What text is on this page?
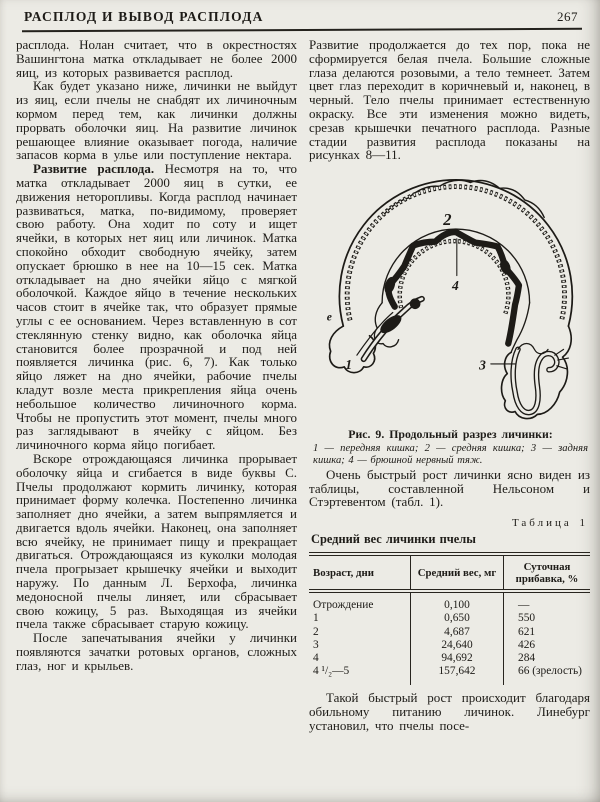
РАСПЛОД И ВЫВОД РАСПЛОДА	267

расплода. Нолан считает, что в окрестностях Вашингтона матка откладывает не более 2000 яиц, из которых развивается расплод.

Как будет указано ниже, личинки не выйдут из яиц, если пчелы не снабдят их личиночным кормом перед тем, как личинки должны прорвать оболочки яиц. На развитие личинок решающее влияние оказывает погода, наличие запасов корма в улье или поступление нектара.

Развитие расплода. Несмотря на то, что матка откладывает 2000 яиц в сутки, ее движения неторопливы. Когда расплод начинает развиваться, матка, по-видимому, проверяет свою работу. Она ходит по соту и ищет ячейки, в которых нет яиц или личинок. Матка спокойно обходит свободную ячейку, затем опускает брюшко в нее на 10—15 сек. Матка откладывает на дно ячейки яйцо с мягкой оболочкой. Каждое яйцо в течение нескольких часов стоит в ячейке так, что образует прямые углы с ее основанием. Через вставленную в сот стеклянную стенку видно, как оболочка яйца становится более прозрачной и под ней появляется личинка (рис. 6, 7). Как только яйцо ляжет на дно ячейки, рабочие пчелы кладут возле места прикрепления яйца очень небольшое количество личиночного корма. Чтобы не пропустить этот момент, пчелы много раз заглядывают в ячейку с яйцом. Без личиночного корма яйцо погибает.

Вскоре отрождающаяся личинка прорывает оболочку яйца и сгибается в виде буквы С. Пчелы продолжают кормить личинку, которая принимает форму колечка. Постепенно личинка заполняет дно ячейки, а затем выпрямляется и двигается вдоль ячейки. Наконец, она заполняет всю ячейку, не принимает пищу и прекращает двигаться. Отрождающаяся из куколки молодая пчела прогрызает крышечку ячейки и выходит наружу. По данным Л. Берхофа, личинка медоносной пчелы линяет, или сбрасывает свою кожицу, 5 раз. Выходящая из ячейки пчела также сбрасывает старую кожицу.

После запечатывания ячейки у личинки появляются зачатки ротовых органов, сложных глаз, ног и крыльев.

Развитие продолжается до тех пор, пока не сформируется белая пчела. Большие сложные глаза делаются розовыми, а тело темнеет. Затем цвет глаз переходит в коричневый и, наконец, в черный. Тело пчелы принимает естественную окраску. Все эти изменения можно видеть, срезав крышечки печатного расплода. Разные стадии развития расплода показаны на рисунках 8—11.

2
4
e
1	3
Рис. 9. Продольный разрез личинки:
1 — передняя кишка; 2 — средняя кишка; 3 — задняя кишка; 4 — брюшной нервный тяж.

Очень быстрый рост личинки ясно виден из таблицы, составленной Нельсоном и Стэртевентом (табл. 1).

Таблица 1
Средний вес личинки пчелы
Возраст, дни	Средний вес, мг	Суточная прибавка, %
Отрождение	0,100	—
1	0,650	550
2	4,687	621
3	24,640	426
4	94,692	284
4 ¹/₂—5	157,642	66 (зрелость)

Такой быстрый рост происходит благодаря обильному питанию личинок. Линебург установил, что пчелы посе-
